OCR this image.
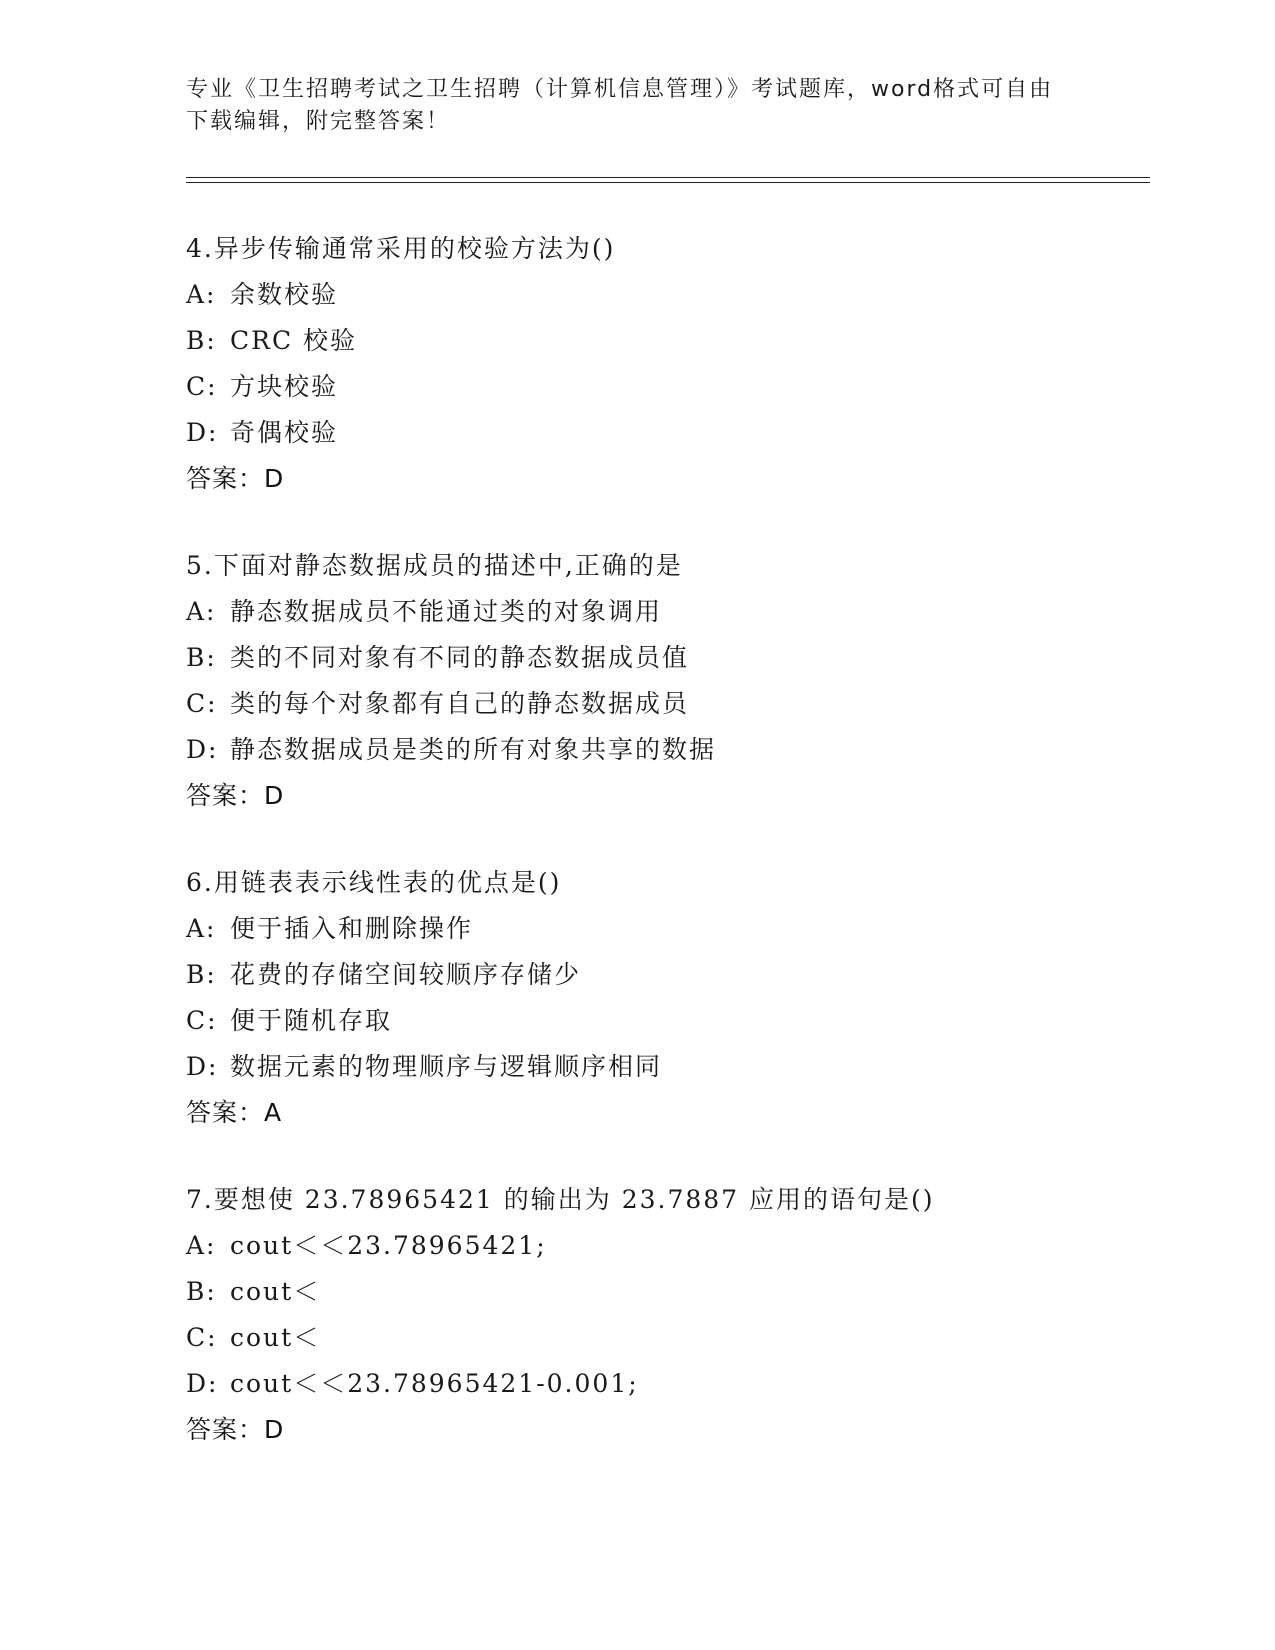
专业《卫生招聘考试之卫生招聘（计算机信息管理）》考试题库，word格式可自由下载编辑，附完整答案！
4.异步传输通常采用的校验方法为()
A: 余数校验
B: CRC 校验
C: 方块校验
D: 奇偶校验
答案：D
5.下面对静态数据成员的描述中,正确的是
A: 静态数据成员不能通过类的对象调用
B: 类的不同对象有不同的静态数据成员值
C: 类的每个对象都有自己的静态数据成员
D: 静态数据成员是类的所有对象共享的数据
答案：D
6.用链表表示线性表的优点是()
A: 便于插入和删除操作
B: 花费的存储空间较顺序存储少
C: 便于随机存取
D: 数据元素的物理顺序与逻辑顺序相同
答案：A
7.要想使 23.78965421 的输出为 23.7887 应用的语句是()
A: cout＜＜23.78965421;
B: cout＜
C: cout＜
D: cout＜＜23.78965421-0.001;
答案：D
